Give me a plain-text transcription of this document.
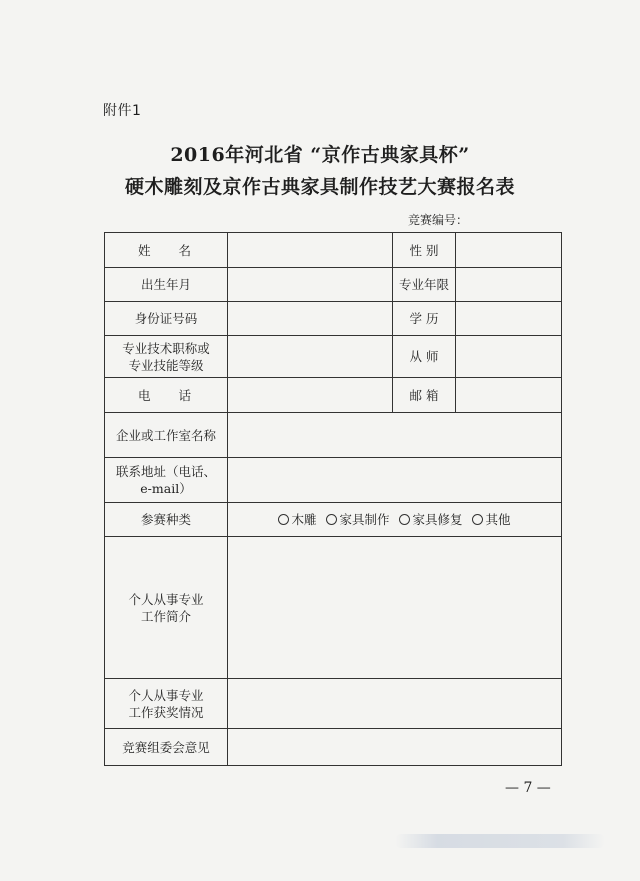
附件1
2016年河北省 “京作古典家具杯”
硬木雕刻及京作古典家具制作技艺大赛报名表
竞赛编号：
姓 名		性 别	
出生年月		专业年限	
身份证号码		学 历	

专业技术职称或
专业技能等级		从 师	
电 话		邮 箱	
企业或工作室名称			

联系地址（电话、
e-mail）			

参赛种类	木雕 家具制作 家具修复 其他		

个人从事专业
工作简介			

个人从事专业
工作获奖情况			

竞赛组委会意见			
— 7 —
